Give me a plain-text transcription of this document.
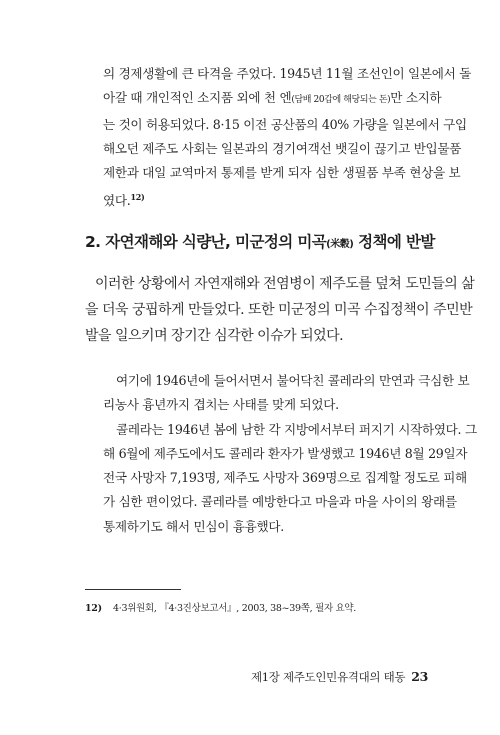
의 경제생활에 큰 타격을 주었다. 1945년 11월 조선인이 일본에서 돌
아갈 때 개인적인 소지품 외에 천 엔(담배 20갑에 해당되는 돈)만 소지하
는 것이 허용되었다. 8·15 이전 공산품의 40% 가량을 일본에서 구입
해오던 제주도 사회는 일본과의 경기여객선 뱃길이 끊기고 반입물품
제한과 대일 교역마저 통제를 받게 되자 심한 생필품 부족 현상을 보
였다.$^{12)}$
2. 자연재해와 식량난, 미군정의 미곡(米穀) 정책에 반발
이러한 상황에서 자연재해와 전염병이 제주도를 덮쳐 도민들의 삶
을 더욱 궁핍하게 만들었다. 또한 미군정의 미곡 수집정책이 주민반
발을 일으키며 장기간 심각한 이슈가 되었다.
여기에 1946년에 들어서면서 불어닥친 콜레라의 만연과 극심한 보
리농사 흉년까지 겹치는 사태를 맞게 되었다.
콜레라는 1946년 봄에 남한 각 지방에서부터 퍼지기 시작하였다. 그
해 6월에 제주도에서도 콜레라 환자가 발생했고 1946년 8월 29일자
전국 사망자 7,193명, 제주도 사망자 369명으로 집계할 정도로 피해
가 심한 편이었다. 콜레라를 예방한다고 마을과 마을 사이의 왕래를
통제하기도 해서 민심이 흉흉했다.
12) 4·3위원회, 『4·3진상보고서』, 2003, 38~39쪽, 필자 요약.
제1장 제주도인민유격대의 태동 23
